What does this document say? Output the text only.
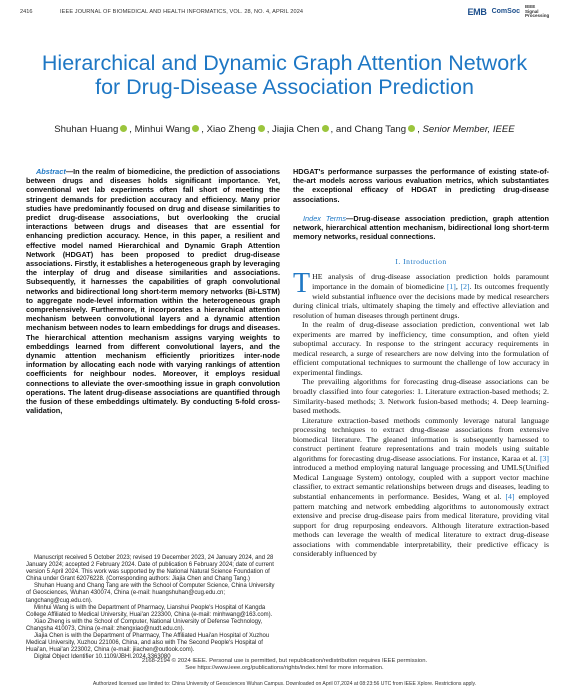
2416	IEEE JOURNAL OF BIOMEDICAL AND HEALTH INFORMATICS, VOL. 28, NO. 4, APRIL 2024	EMB ComSoc
IEEE Signal Processing
Hierarchical and Dynamic Graph Attention Network for Drug-Disease Association Prediction
Shuhan Huang , Minhui Wang , Xiao Zheng , Jiajia Chen , and Chang Tang , Senior Member, IEEE

Abstract—In the realm of biomedicine, the prediction of associations between drugs and diseases holds significant importance. Yet, conventional wet lab experiments often fall short of meeting the stringent demands for prediction accuracy and efficiency. Many prior studies have predominantly focused on drug and disease similarities to predict drug-disease associations, but overlooking the crucial interactions between drugs and diseases that are essential for enhancing prediction accuracy. Hence, in this paper, a resilient and effective model named Hierarchical and Dynamic Graph Attention Network (HDGAT) has been proposed to predict drug-disease associations. Firstly, it establishes a heterogeneous graph by leveraging the interplay of drug and disease similarities and associations. Subsequently, it harnesses the capabilities of graph convolutional networks and bidirectional long short-term memory networks (Bi-LSTM) to aggregate node-level information within the heterogeneous graph comprehensively. Furthermore, it incorporates a hierarchical attention mechanism between convolutional layers and a dynamic attention mechanism between nodes to learn embeddings for drugs and diseases. The hierarchical attention mechanism assigns varying weights to embeddings learned from different convolutional layers, and the dynamic attention mechanism efficiently prioritizes inter-node information by allocating each node with varying rankings of attention coefficients for neighbour nodes. Moreover, it employs residual connections to alleviate the over-smoothing issue in graph convolution operations. The latent drug-disease associations are quantified through the fusion of these embeddings ultimately. By conducting 5-fold cross-validation,

Manuscript received 5 October 2023; revised 19 December 2023, 24 January 2024, and 28 January 2024; accepted 2 February 2024. Date of publication 6 February 2024; date of current version 5 April 2024. This work was supported by the National Natural Science Foundation of China under Grant 62076228. (Corresponding authors: Jiajia Chen and Chang Tang.)

Shuhan Huang and Chang Tang are with the School of Computer Science, China University of Geosciences, Wuhan 430074, China (e-mail: huangshuhan@cug.edu.cn; tangchang@cug.edu.cn).

Minhui Wang is with the Department of Pharmacy, Lianshui People's Hospital of Kangda College Affiliated to Medical University, Huai'an 223300, China (e-mail: minhwang@163.com).

Xiao Zheng is with the School of Computer, National University of Defense Technology, Changsha 410073, China (e-mail: zhengxiao@nudt.edu.cn).

Jiajia Chen is with the Department of Pharmacy, The Affiliated Huai'an Hospital of Xuzhou Medical University, Xuzhou 221006, China, and also with The Second People's Hospital of Huai'an, Huai'an 223002, China (e-mail: jiiachen@outlook.com).

Digital Object Identifier 10.1109/JBHI.2024.3363080

HDGAT's performance surpasses the performance of existing state-of-the-art models across various evaluation metrics, which substantiates the exceptional efficacy of HDGAT in predicting drug-disease associations.

Index Terms—Drug-disease association prediction, graph attention network, hierarchical attention mechanism, bidirectional long short-term memory networks, residual connections.

I. Introduction

THE analysis of drug-disease association prediction holds paramount importance in the domain of biomedicine [1], [2]. Its outcomes frequently wield substantial influence over the decisions made by medical researchers during clinical trials, ultimately shaping the timely and effective alleviation and resolution of human diseases through pertinent drugs.

In the realm of drug-disease association prediction, conventional wet lab experiments are marred by inefficiency, time consumption, and often yield suboptimal accuracy. In response to the stringent accuracy requirements in medical research, a surge of researchers are now delving into the formulation of efficient computational techniques to surmount the challenge of low accuracy in experimental findings.

The prevailing algorithms for forecasting drug-disease associations can be broadly classified into four categories: 1. Literature extraction-based methods; 2. Similarity-based methods; 3. Network fusion-based methods; 4. Deep learning-based methods.

Literature extraction-based methods commonly leverage natural language processing techniques to extract drug-disease associations from extensive biomedical literature. The gleaned information is subsequently harnessed to construct pertinent feature representations and train models using suitable algorithms for forecasting drug-disease associations. For instance, Karaa et al. [3] introduced a method employing natural language processing and UMLS(Unified Medical Language System) ontology, coupled with a support vector machine classifier, to extract semantic relationships between drugs and diseases, leading to substantial enhancements in performance. Besides, Wang et al. [4] employed pattern matching and network embedding algorithms to autonomously extract extensive and precise drug-disease pairs from medical literature, providing vital support for drug repurposing endeavors. Although literature extraction-based methods can leverage the wealth of medical literature to extract drug-disease associations with commendable interpretability, their predictive efficacy is considerably influenced by

2168-2194 © 2024 IEEE. Personal use is permitted, but republication/redistribution requires IEEE permission.
See https://www.ieee.org/publications/rights/index.html for more information.
Authorized licensed use limited to: China University of Geosciences Wuhan Campus. Downloaded on April 07,2024 at 08:23:56 UTC from IEEE Xplore. Restrictions apply.
